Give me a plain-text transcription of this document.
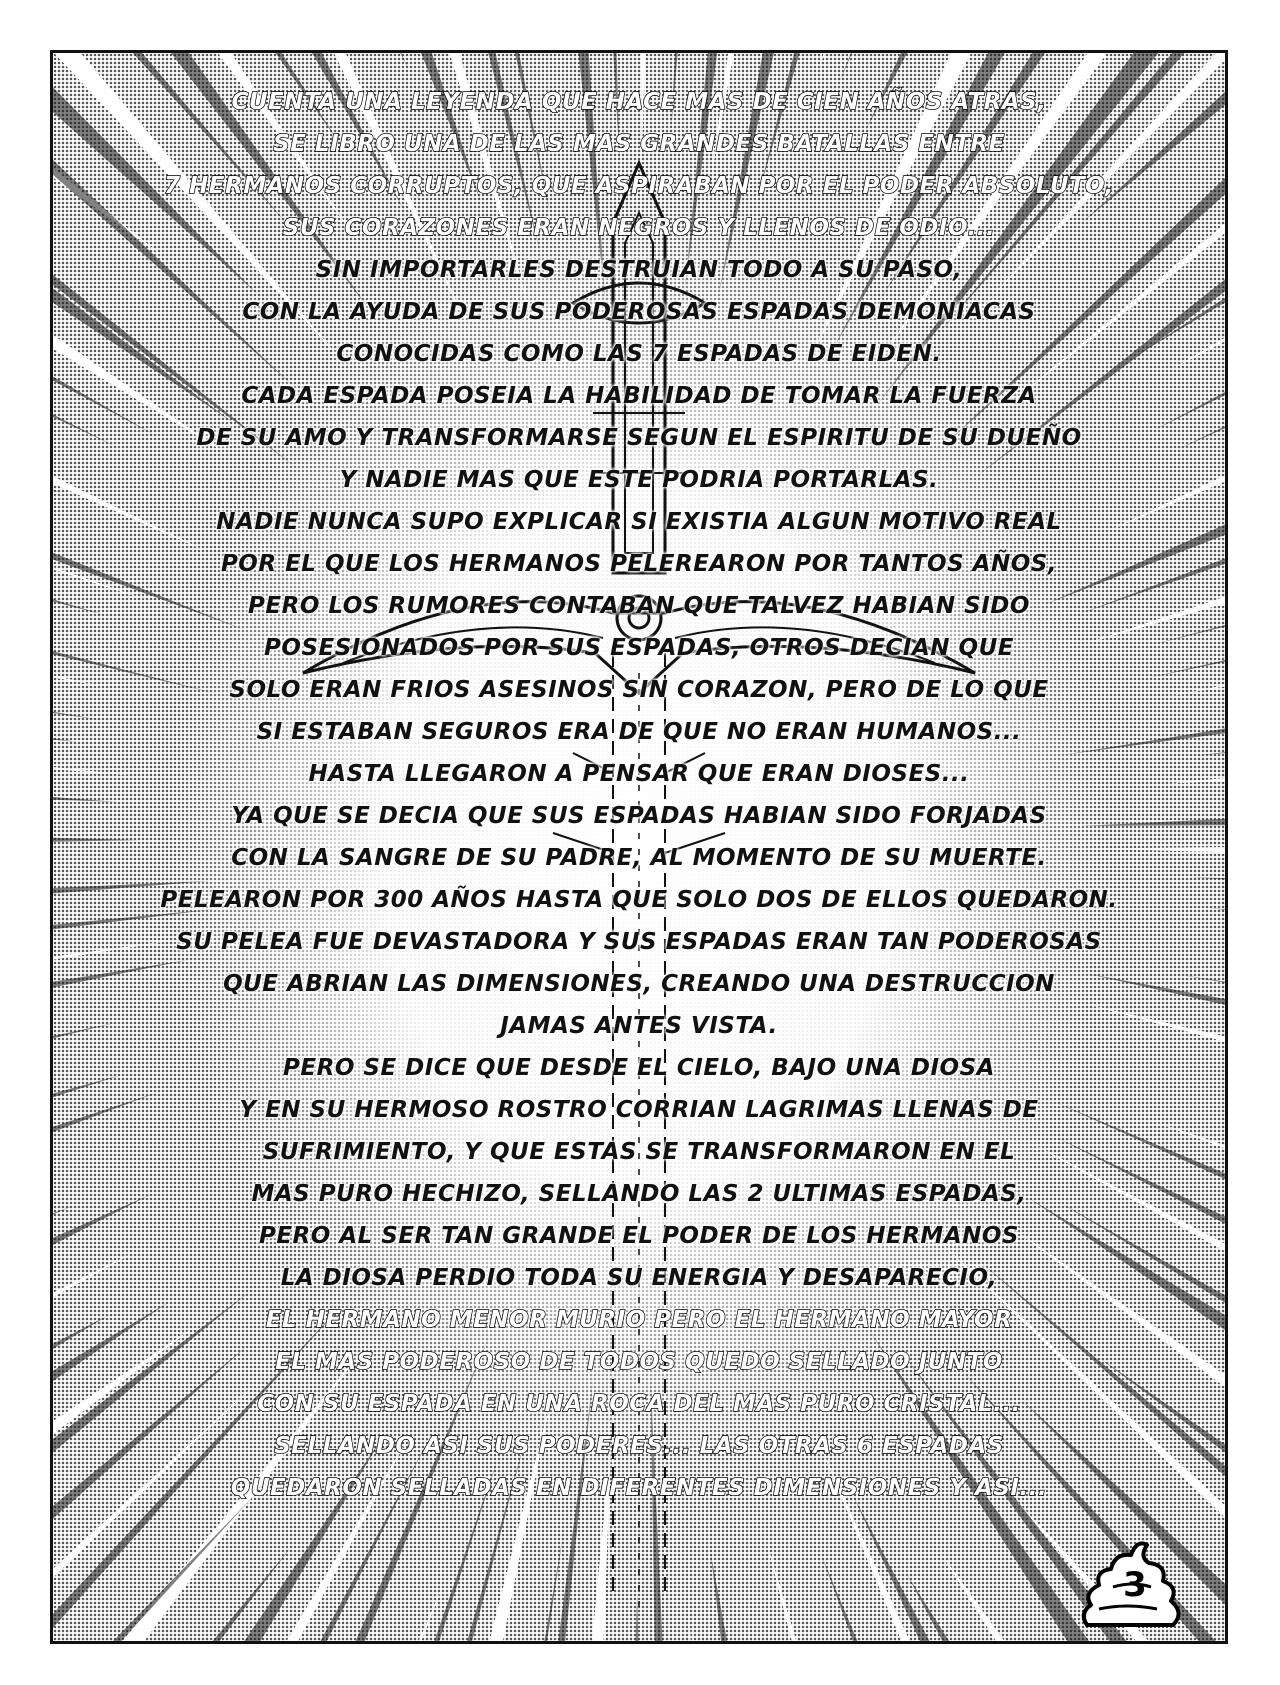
CUENTA UNA LEYENDA QUE HACE MAS DE CIEN AÑOS ATRAS,
SE LIBRO UNA DE LAS MAS GRANDES BATALLAS ENTRE
7 HERMANOS CORRUPTOS, QUE ASPIRABAN POR EL PODER ABSOLUTO,
SUS CORAZONES ERAN NEGROS Y LLENOS DE ODIO...
SIN IMPORTARLES DESTRUIAN TODO A SU PASO,
CON LA AYUDA DE SUS PODEROSAS ESPADAS DEMONIACAS
CONOCIDAS COMO LAS 7 ESPADAS DE EIDEN.
CADA ESPADA POSEIA LA HABILIDAD DE TOMAR LA FUERZA
DE SU AMO Y TRANSFORMARSE SEGUN EL ESPIRITU DE SU DUEÑO
Y NADIE MAS QUE ESTE PODRIA PORTARLAS.
NADIE NUNCA SUPO EXPLICAR SI EXISTIA ALGUN MOTIVO REAL
POR EL QUE LOS HERMANOS PELEREARON POR TANTOS AÑOS,
PERO LOS RUMORES CONTABAN QUE TALVEZ HABIAN SIDO
POSESIONADOS POR SUS ESPADAS, OTROS DECIAN QUE
SOLO ERAN FRIOS ASESINOS SIN CORAZON, PERO DE LO QUE
SI ESTABAN SEGUROS ERA DE QUE NO ERAN HUMANOS...
HASTA LLEGARON A PENSAR QUE ERAN DIOSES...
YA QUE SE DECIA QUE SUS ESPADAS HABIAN SIDO FORJADAS
CON LA SANGRE DE SU PADRE, AL MOMENTO DE SU MUERTE.
PELEARON POR 300 AÑOS HASTA QUE SOLO DOS DE ELLOS QUEDARON.
SU PELEA FUE DEVASTADORA Y SUS ESPADAS ERAN TAN PODEROSAS
QUE ABRIAN LAS DIMENSIONES, CREANDO UNA DESTRUCCION
JAMAS ANTES VISTA.
PERO SE DICE QUE DESDE EL CIELO, BAJO UNA DIOSA
Y EN SU HERMOSO ROSTRO CORRIAN LAGRIMAS LLENAS DE
SUFRIMIENTO, Y QUE ESTAS SE TRANSFORMARON EN EL
MAS PURO HECHIZO, SELLANDO LAS 2 ULTIMAS ESPADAS,
PERO AL SER TAN GRANDE EL PODER DE LOS HERMANOS
LA DIOSA PERDIO TODA SU ENERGIA Y DESAPARECIO,
EL HERMANO MENOR MURIO PERO EL HERMANO MAYOR
EL MAS PODEROSO DE TODOS QUEDO SELLADO JUNTO
CON SU ESPADA EN UNA ROCA DEL MAS PURO CRISTAL...
SELLANDO ASI SUS PODERES... LAS OTRAS 6 ESPADAS
QUEDARON SELLADAS EN DIFERENTES DIMENSIONES Y ASI...
3
